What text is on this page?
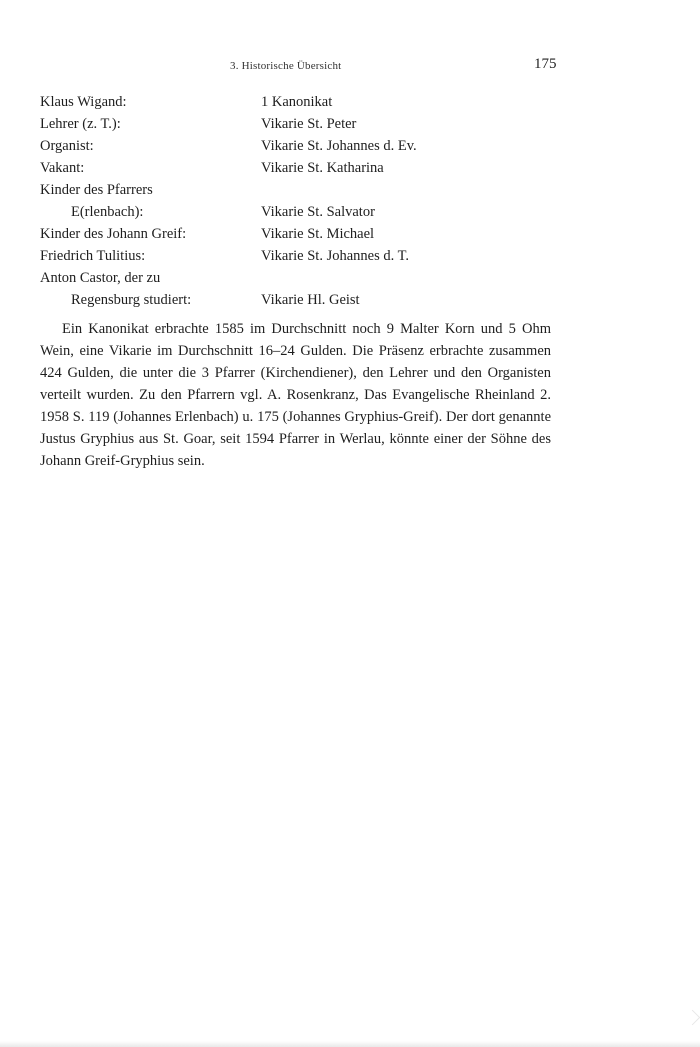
3. Historische Übersicht	175
Klaus Wigand:	1 Kanonikat
Lehrer (z. T.):	Vikarie St. Peter
Organist:	Vikarie St. Johannes d. Ev.
Vakant:	Vikarie St. Katharina
Kinder des Pfarrers
E(rlenbach):	Vikarie St. Salvator
Kinder des Johann Greif:	Vikarie St. Michael
Friedrich Tulitius:	Vikarie St. Johannes d. T.
Anton Castor, der zu
Regensburg studiert:	Vikarie Hl. Geist

Ein Kanonikat erbrachte 1585 im Durchschnitt noch 9 Malter Korn und 5 Ohm Wein, eine Vikarie im Durchschnitt 16–24 Gulden. Die Präsenz erbrachte zusammen 424 Gulden, die unter die 3 Pfarrer (Kirchendiener), den Lehrer und den Organisten verteilt wurden. Zu den Pfarrern vgl. A. Rosenkranz, Das Evangelische Rheinland 2. 1958 S. 119 (Johannes Erlenbach) u. 175 (Johannes Gryphius-Greif). Der dort genannte Justus Gryphius aus St. Goar, seit 1594 Pfarrer in Werlau, könnte einer der Söhne des Johann Greif-Gryphius sein.
